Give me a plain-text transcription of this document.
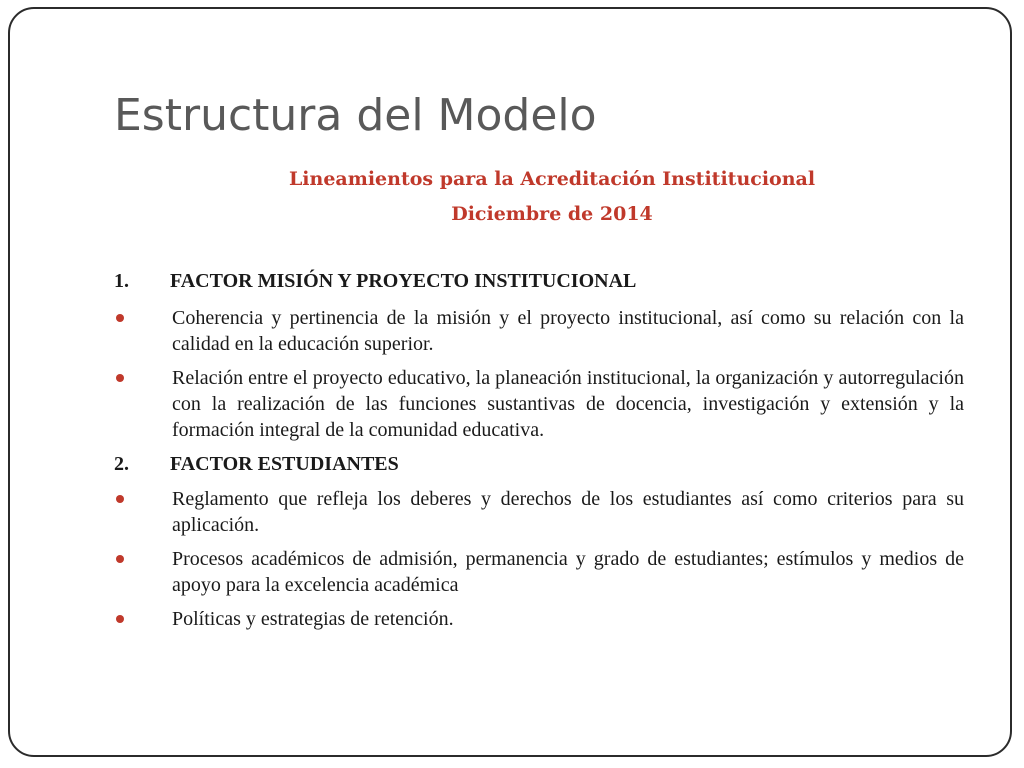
Estructura del Modelo

Lineamientos para la Acreditación Instititucional

Diciembre de 2014

1. FACTOR MISIÓN Y PROYECTO INSTITUCIONAL

Coherencia y pertinencia de la misión y el proyecto institucional, así como su relación con la calidad en la educación superior.
Relación entre el proyecto educativo, la planeación institucional, la organización y autorregulación con la realización de las funciones sustantivas de docencia, investigación y extensión y la formación integral de la comunidad educativa.

2. FACTOR ESTUDIANTES

Reglamento que refleja los deberes y derechos de los estudiantes así como criterios para su aplicación.
Procesos académicos de admisión, permanencia y grado de estudiantes; estímulos y medios de apoyo para la excelencia académica
Políticas y estrategias de retención.
